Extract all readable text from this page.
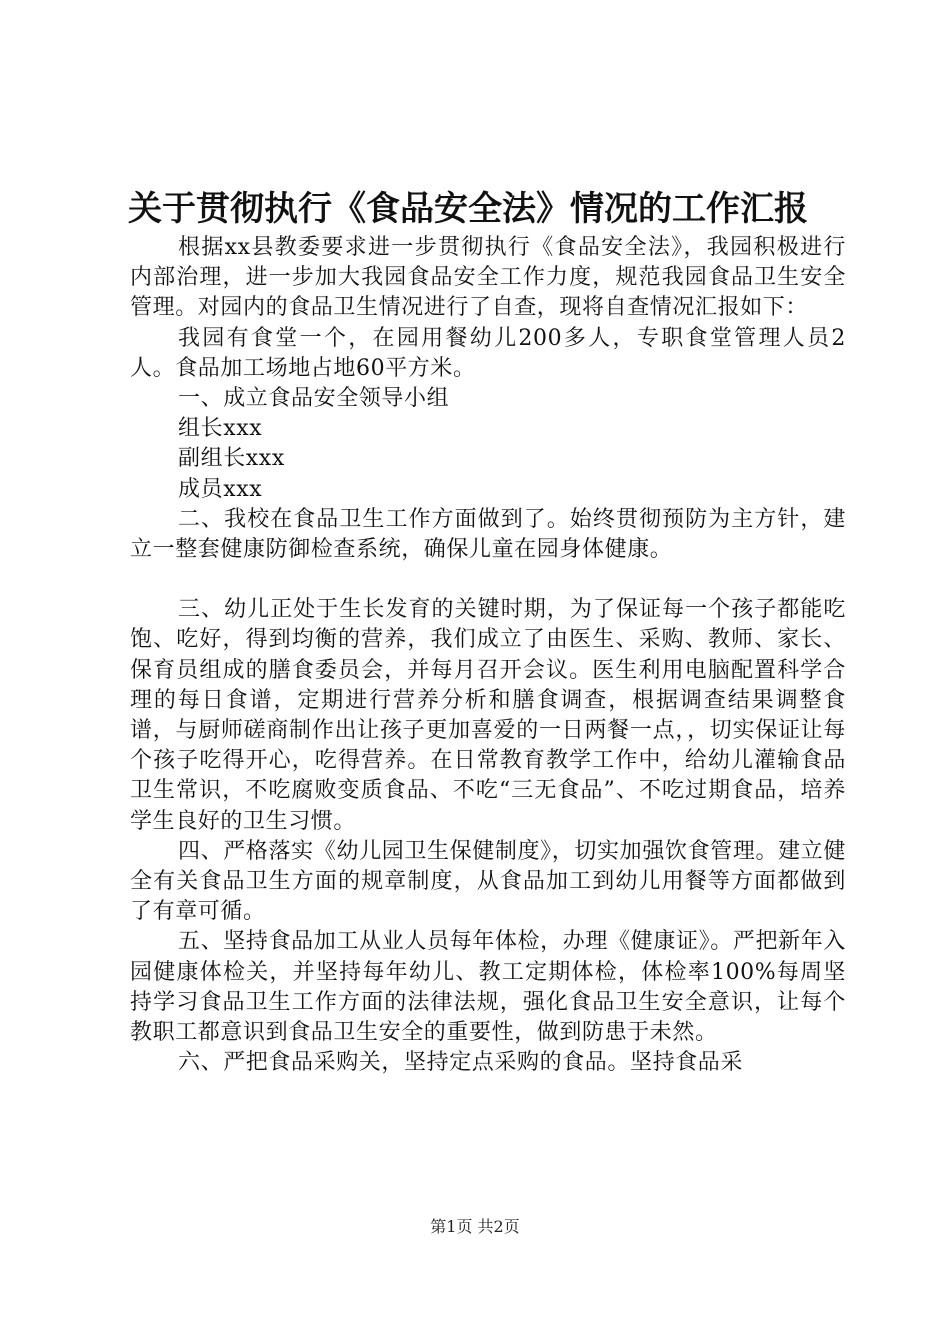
关于贯彻执行《食品安全法》情况的工作汇报

根据xx县教委要求进一步贯彻执行《食品安全法》，我园积极进行内部治理，进一步加大我园食品安全工作力度，规范我园食品卫生安全管理。对园内的食品卫生情况进行了自查，现将自查情况汇报如下：

我园有食堂一个，在园用餐幼儿200多人，专职食堂管理人员2人。食品加工场地占地60平方米。

一、成立食品安全领导小组

组长xxx

副组长xxx

成员xxx

二、我校在食品卫生工作方面做到了。始终贯彻预防为主方针，建立一整套健康防御检查系统，确保儿童在园身体健康。

三、幼儿正处于生长发育的关键时期，为了保证每一个孩子都能吃饱、吃好，得到均衡的营养，我们成立了由医生、采购、教师、家长、保育员组成的膳食委员会，并每月召开会议。医生利用电脑配置科学合理的每日食谱，定期进行营养分析和膳食调查，根据调查结果调整食谱，与厨师磋商制作出让孩子更加喜爱的一日两餐一点，，切实保证让每个孩子吃得开心，吃得营养。在日常教育教学工作中，给幼儿灌输食品卫生常识，不吃腐败变质食品、不吃“三无食品”、不吃过期食品，培养学生良好的卫生习惯。

四、严格落实《幼儿园卫生保健制度》，切实加强饮食管理。建立健全有关食品卫生方面的规章制度，从食品加工到幼儿用餐等方面都做到了有章可循。

五、坚持食品加工从业人员每年体检，办理《健康证》。严把新年入园健康体检关，并坚持每年幼儿、教工定期体检，体检率100%每周坚持学习食品卫生工作方面的法律法规，强化食品卫生安全意识，让每个教职工都意识到食品卫生安全的重要性，做到防患于未然。

六、严把食品采购关，坚持定点采购的食品。坚持食品采

第1页 共2页
